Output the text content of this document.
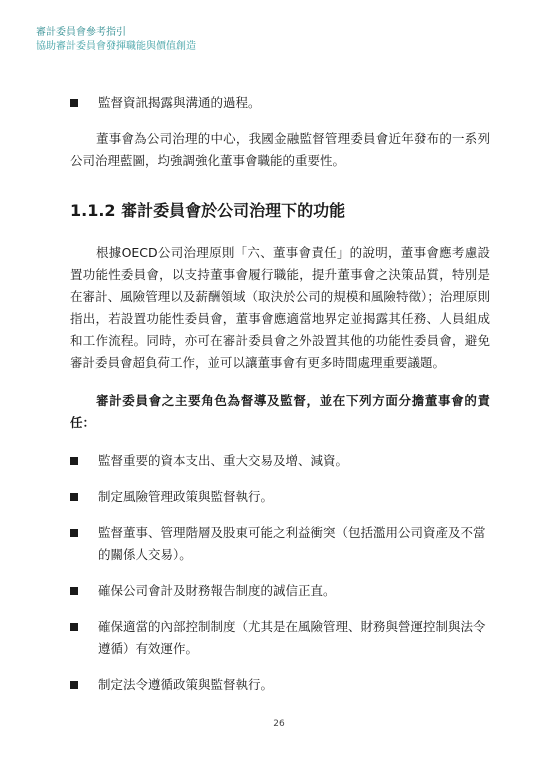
審計委員會參考指引
協助審計委員會發揮職能與價值創造
監督資訊揭露與溝通的過程。
董事會為公司治理的中心，我國金融監督管理委員會近年發布的一系列公司治理藍圖，均強調強化董事會職能的重要性。
1.1.2 審計委員會於公司治理下的功能
根據OECD公司治理原則「六、董事會責任」的說明，董事會應考慮設置功能性委員會，以支持董事會履行職能，提升董事會之決策品質，特別是在審計、風險管理以及薪酬領域（取決於公司的規模和風險特徵）；治理原則指出，若設置功能性委員會，董事會應適當地界定並揭露其任務、人員組成和工作流程。同時，亦可在審計委員會之外設置其他的功能性委員會，避免審計委員會超負荷工作，並可以讓董事會有更多時間處理重要議題。
審計委員會之主要角色為督導及監督，並在下列方面分擔董事會的責任：
監督重要的資本支出、重大交易及增、減資。
制定風險管理政策與監督執行。
監督董事、管理階層及股東可能之利益衝突（包括濫用公司資產及不當的關係人交易）。
確保公司會計及財務報告制度的誠信正直。
確保適當的內部控制制度（尤其是在風險管理、財務與營運控制與法令遵循）有效運作。
制定法令遵循政策與監督執行。
26
